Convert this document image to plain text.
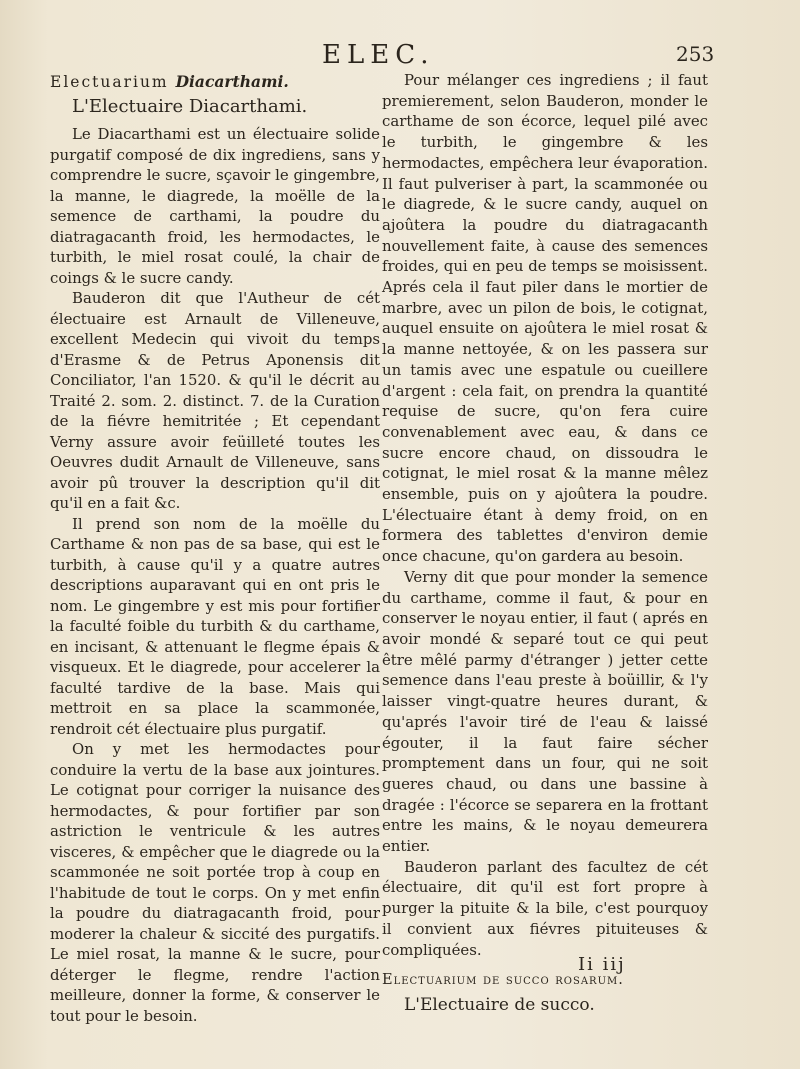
ELEC.	253
Electuarium Diacarthami.
L'Electuaire Diacarthami.

Le Diacarthami est un électuaire solide purgatif composé de dix ingrediens, sans y comprendre le sucre, sçavoir le gingembre, la manne, le diagrede, la moëlle de la semence de carthami, la poudre du diatragacanth froid, les hermodactes, le turbith, le miel rosat coulé, la chair de coings & le sucre candy.

Bauderon dit que l'Autheur de cét électuaire est Arnault de Villeneuve, excellent Medecin qui vivoit du temps d'Erasme & de Petrus Aponensis dit Conciliator, l'an 1520. & qu'il le décrit au Traité 2. som. 2. distinct. 7. de la Curation de la fiévre hemitritée ; Et cependant Verny assure avoir feüilleté toutes les Oeuvres dudit Arnault de Villeneuve, sans avoir pû trouver la description qu'il dit qu'il en a fait &c.

Il prend son nom de la moëlle du Carthame & non pas de sa base, qui est le turbith, à cause qu'il y a quatre autres descriptions auparavant qui en ont pris le nom. Le gingembre y est mis pour fortifier la faculté foible du turbith & du carthame, en incisant, & attenuant le flegme épais & visqueux. Et le diagrede, pour accelerer la faculté tardive de la base. Mais qui mettroit en sa place la scammonée, rendroit cét électuaire plus purgatif.

On y met les hermodactes pour conduire la vertu de la base aux jointures. Le cotignat pour corriger la nuisance des hermodactes, & pour fortifier par son astriction le ventricule & les autres visceres, & empêcher que le diagrede ou la scammonée ne soit portée trop à coup en l'habitude de tout le corps. On y met enfin la poudre du diatragacanth froid, pour moderer la chaleur & siccité des purgatifs. Le miel rosat, la manne & le sucre, pour déterger le flegme, rendre l'action meilleure, donner la forme, & conserver le tout pour le besoin.

Pour mélanger ces ingrediens ; il faut premierement, selon Bauderon, monder le carthame de son écorce, lequel pilé avec le turbith, le gingembre & les hermodactes, empêchera leur évaporation. Il faut pulveriser à part, la scammonée ou le diagrede, & le sucre candy, auquel on ajoûtera la poudre du diatragacanth nouvellement faite, à cause des semences froides, qui en peu de temps se moisissent. Aprés cela il faut piler dans le mortier de marbre, avec un pilon de bois, le cotignat, auquel ensuite on ajoûtera le miel rosat & la manne nettoyée, & on les passera sur un tamis avec une espatule ou cueillere d'argent : cela fait, on prendra la quantité requise de sucre, qu'on fera cuire convenablement avec eau, & dans ce sucre encore chaud, on dissoudra le cotignat, le miel rosat & la manne mêlez ensemble, puis on y ajoûtera la poudre. L'électuaire étant à demy froid, on en formera des tablettes d'environ demie once chacune, qu'on gardera au besoin.

Verny dit que pour monder la semence du carthame, comme il faut, & pour en conserver le noyau entier, il faut ( aprés en avoir mondé & separé tout ce qui peut être mêlé parmy d'étranger ) jetter cette semence dans l'eau preste à boüillir, & l'y laisser vingt-quatre heures durant, & qu'aprés l'avoir tiré de l'eau & laissé égouter, il la faut faire sécher promptement dans un four, qui ne soit gueres chaud, ou dans une bassine à dragée : l'écorce se separera en la frottant entre les mains, & le noyau demeurera entier.

Bauderon parlant des facultez de cét électuaire, dit qu'il est fort propre à purger la pituite & la bile, c'est pourquoy il convient aux fiévres pituiteuses & compliquées.

Electuarium de succo rosarum.
L'Electuaire de succo.
Ii iij
